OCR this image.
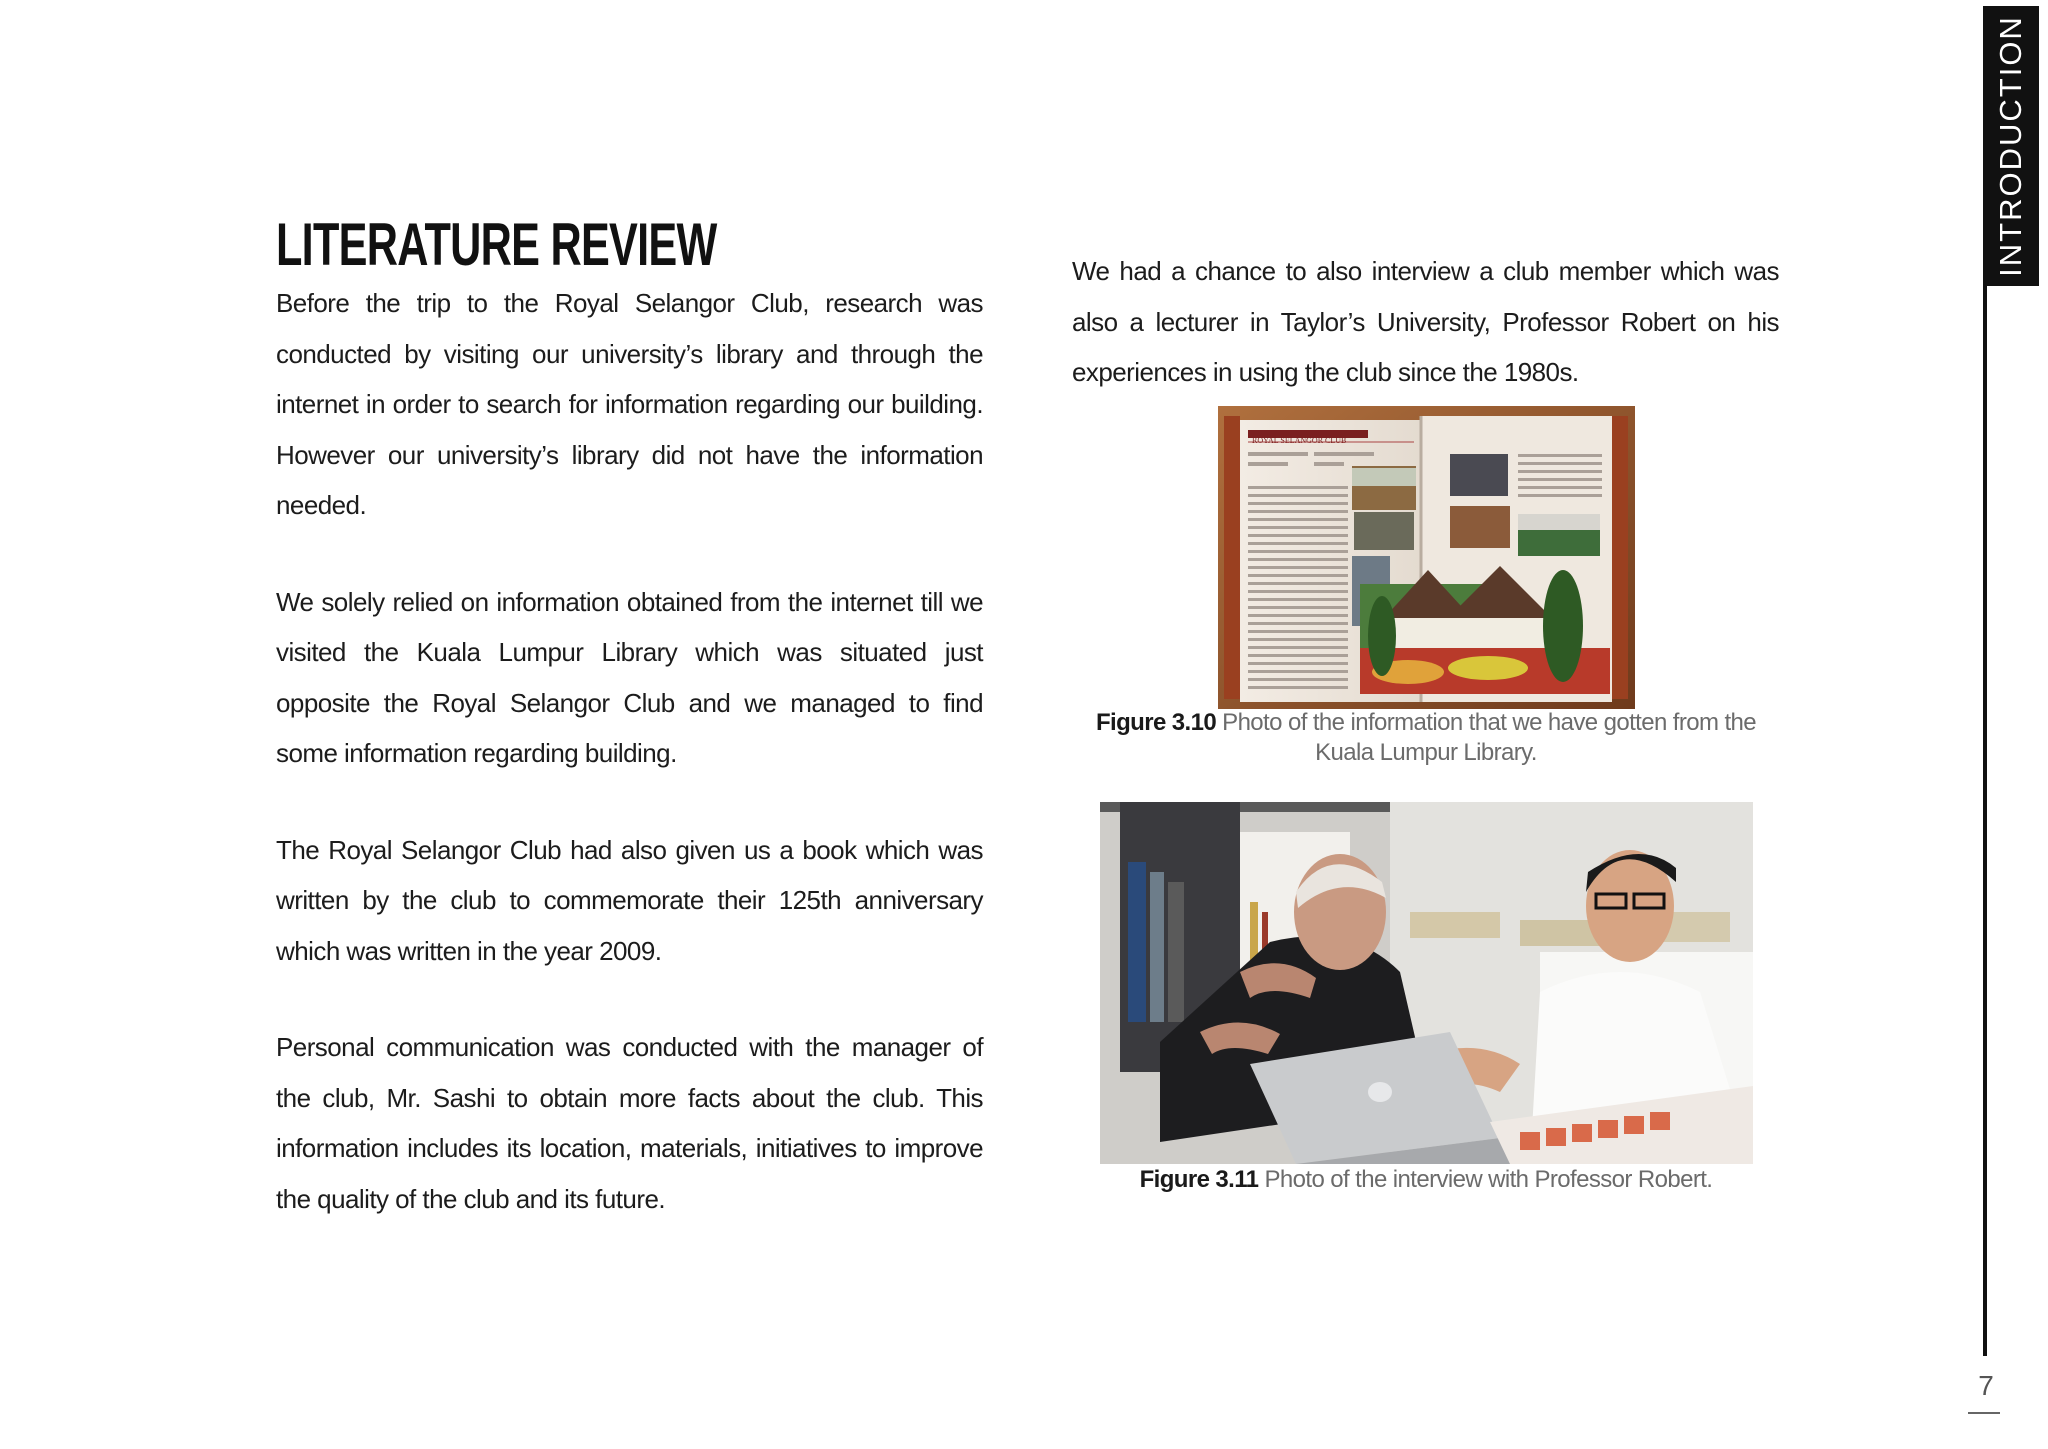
LITERATURE REVIEW

Before the trip to the Royal Selangor Club, research was conducted by visiting our university’s library and through the internet in order to search for information regarding our building. However our university’s library did not have the information needed.

We solely relied on information obtained from the internet till we visited the Kuala Lumpur Library which was situated just opposite the Royal Selangor Club and we managed to find some information regarding building.

The Royal Selangor Club had also given us a book which was written by the club to commemorate their 125th anniversary which was written in the year 2009.

Personal communication was conducted with the manager of the club, Mr. Sashi to obtain more facts about the club. This information includes its location, materials, initiatives to improve the quality of the club and its future.

We had a chance to also interview a club member which was also a lecturer in Taylor’s University, Professor Robert on his experiences in using the club since the 1980s.

ROYAL SELANGOR CLUB
Figure 3.10 Photo of the information that we have gotten from the Kuala Lumpur Library.
Figure 3.11 Photo of the interview with Professor Robert.
INTRODUCTION
7
